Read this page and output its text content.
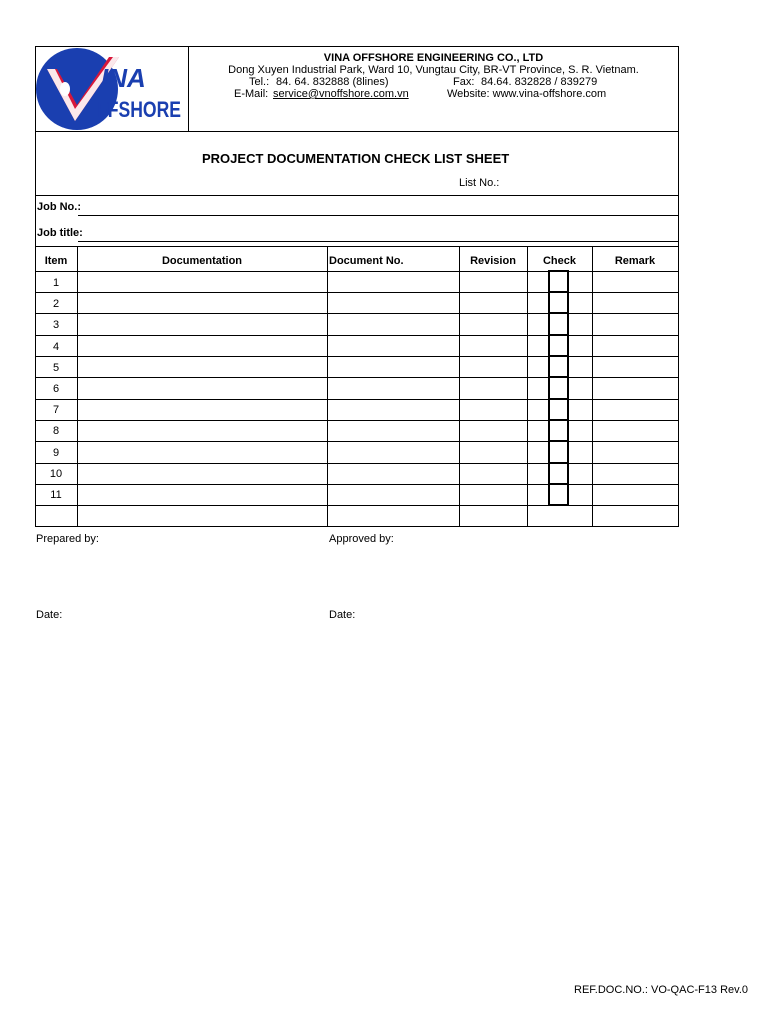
INA
FFSHORE
VINA OFFSHORE ENGINEERING CO., LTD
Dong Xuyen Industrial Park, Ward 10, Vungtau City, BR-VT Province, S. R. Vietnam.
Tel.: 84. 64. 832888 (8lines)	Fax: 84.64. 832828 / 839279
E-Mail: service@vnoffshore.com.vn	Website: www.vina-offshore.com
PROJECT DOCUMENTATION CHECK LIST SHEET
List No.:
Job No.:
Job title:
Item	Documentation	Document No.	Revision	Check	Remark
1
2
3
4
5
6
7
8
9
10
11
Prepared by:	Approved by:
Date:	Date:
REF.DOC.NO.: VO-QAC-F13 Rev.0
